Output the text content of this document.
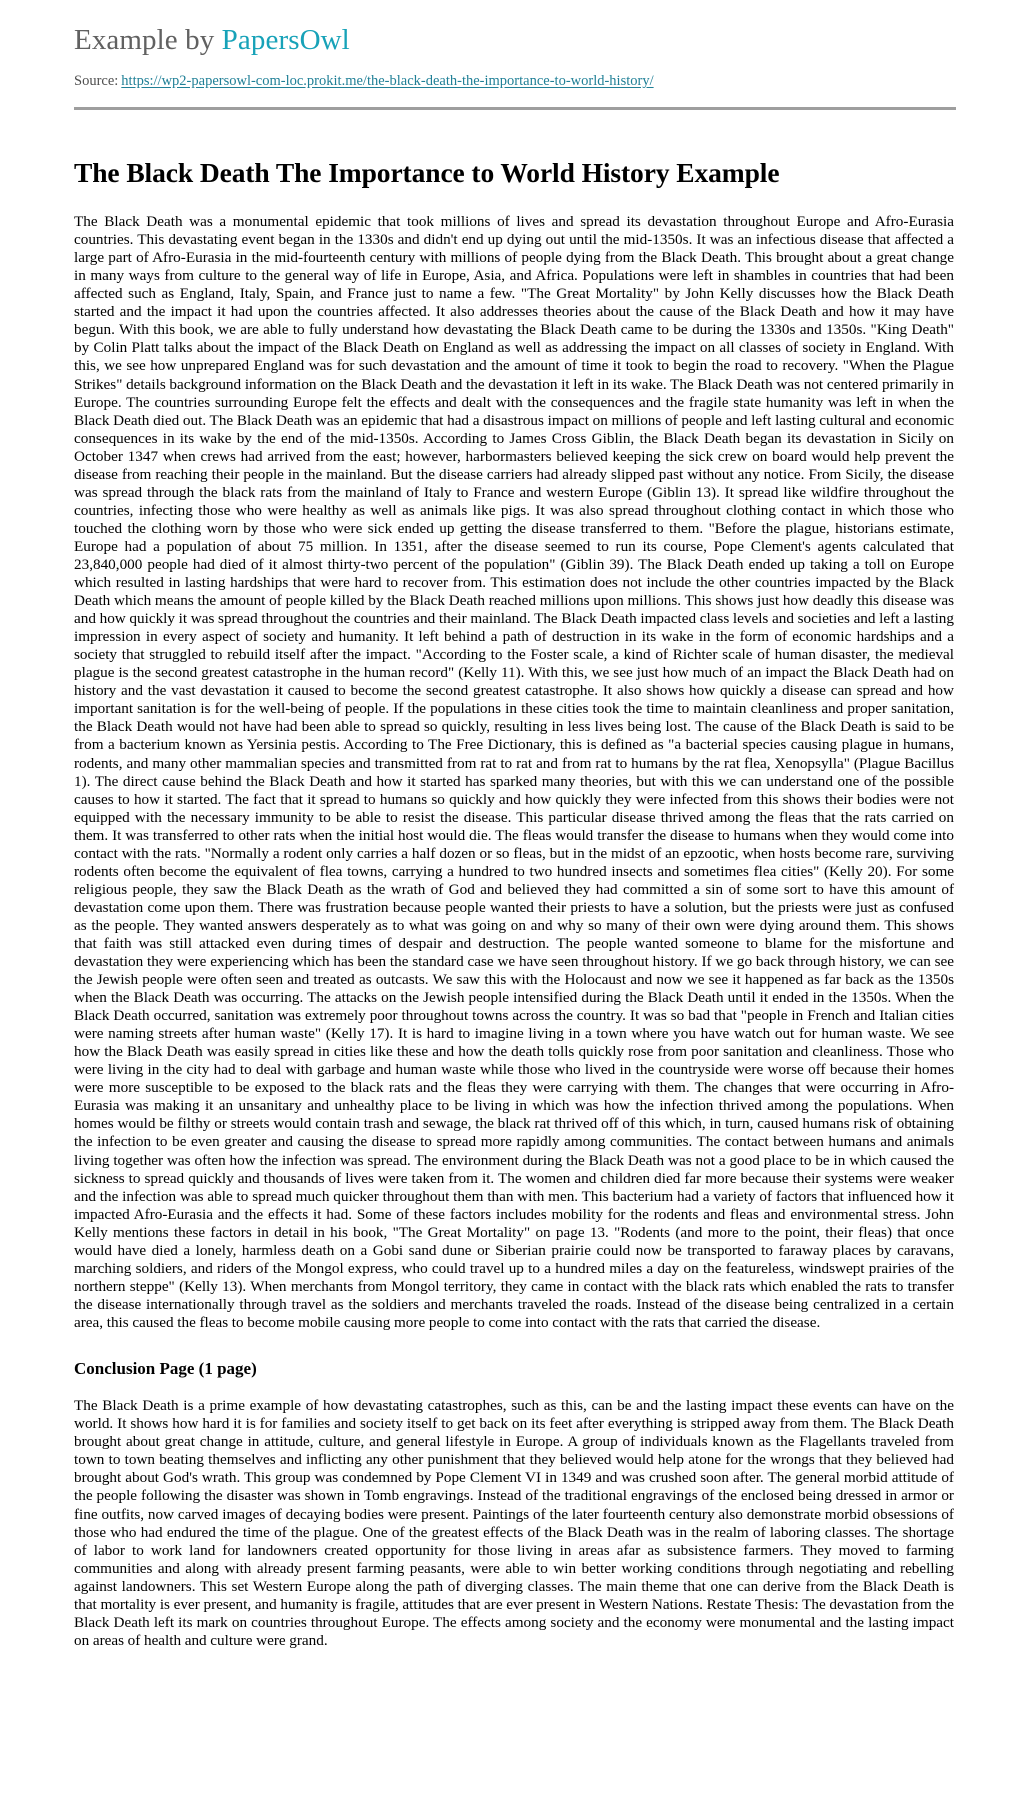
Example by PapersOwl
Source: https://wp2-papersowl-com-loc.prokit.me/the-black-death-the-importance-to-world-history/
The Black Death The Importance to World History Example

The Black Death was a monumental epidemic that took millions of lives and spread its devastation throughout Europe and Afro-Eurasia countries. This devastating event began in the 1330s and didn't end up dying out until the mid-1350s. It was an infectious disease that affected a large part of Afro-Eurasia in the mid-fourteenth century with millions of people dying from the Black Death. This brought about a great change in many ways from culture to the general way of life in Europe, Asia, and Africa. Populations were left in shambles in countries that had been affected such as England, Italy, Spain, and France just to name a few. "The Great Mortality" by John Kelly discusses how the Black Death started and the impact it had upon the countries affected. It also addresses theories about the cause of the Black Death and how it may have begun. With this book, we are able to fully understand how devastating the Black Death came to be during the 1330s and 1350s. "King Death" by Colin Platt talks about the impact of the Black Death on England as well as addressing the impact on all classes of society in England. With this, we see how unprepared England was for such devastation and the amount of time it took to begin the road to recovery. "When the Plague Strikes" details background information on the Black Death and the devastation it left in its wake. The Black Death was not centered primarily in Europe. The countries surrounding Europe felt the effects and dealt with the consequences and the fragile state humanity was left in when the Black Death died out. The Black Death was an epidemic that had a disastrous impact on millions of people and left lasting cultural and economic consequences in its wake by the end of the mid-1350s. According to James Cross Giblin, the Black Death began its devastation in Sicily on October 1347 when crews had arrived from the east; however, harbormasters believed keeping the sick crew on board would help prevent the disease from reaching their people in the mainland. But the disease carriers had already slipped past without any notice. From Sicily, the disease was spread through the black rats from the mainland of Italy to France and western Europe (Giblin 13). It spread like wildfire throughout the countries, infecting those who were healthy as well as animals like pigs. It was also spread throughout clothing contact in which those who touched the clothing worn by those who were sick ended up getting the disease transferred to them. "Before the plague, historians estimate, Europe had a population of about 75 million. In 1351, after the disease seemed to run its course, Pope Clement's agents calculated that 23,840,000 people had died of it almost thirty-two percent of the population" (Giblin 39). The Black Death ended up taking a toll on Europe which resulted in lasting hardships that were hard to recover from. This estimation does not include the other countries impacted by the Black Death which means the amount of people killed by the Black Death reached millions upon millions. This shows just how deadly this disease was and how quickly it was spread throughout the countries and their mainland. The Black Death impacted class levels and societies and left a lasting impression in every aspect of society and humanity. It left behind a path of destruction in its wake in the form of economic hardships and a society that struggled to rebuild itself after the impact. "According to the Foster scale, a kind of Richter scale of human disaster, the medieval plague is the second greatest catastrophe in the human record" (Kelly 11). With this, we see just how much of an impact the Black Death had on history and the vast devastation it caused to become the second greatest catastrophe. It also shows how quickly a disease can spread and how important sanitation is for the well-being of people. If the populations in these cities took the time to maintain cleanliness and proper sanitation, the Black Death would not have had been able to spread so quickly, resulting in less lives being lost. The cause of the Black Death is said to be from a bacterium known as Yersinia pestis. According to The Free Dictionary, this is defined as "a bacterial species causing plague in humans, rodents, and many other mammalian species and transmitted from rat to rat and from rat to humans by the rat flea, Xenopsylla" (Plague Bacillus 1). The direct cause behind the Black Death and how it started has sparked many theories, but with this we can understand one of the possible causes to how it started. The fact that it spread to humans so quickly and how quickly they were infected from this shows their bodies were not equipped with the necessary immunity to be able to resist the disease. This particular disease thrived among the fleas that the rats carried on them. It was transferred to other rats when the initial host would die. The fleas would transfer the disease to humans when they would come into contact with the rats. "Normally a rodent only carries a half dozen or so fleas, but in the midst of an epzootic, when hosts become rare, surviving rodents often become the equivalent of flea towns, carrying a hundred to two hundred insects and sometimes flea cities" (Kelly 20). For some religious people, they saw the Black Death as the wrath of God and believed they had committed a sin of some sort to have this amount of devastation come upon them. There was frustration because people wanted their priests to have a solution, but the priests were just as confused as the people. They wanted answers desperately as to what was going on and why so many of their own were dying around them. This shows that faith was still attacked even during times of despair and destruction. The people wanted someone to blame for the misfortune and devastation they were experiencing which has been the standard case we have seen throughout history. If we go back through history, we can see the Jewish people were often seen and treated as outcasts. We saw this with the Holocaust and now we see it happened as far back as the 1350s when the Black Death was occurring. The attacks on the Jewish people intensified during the Black Death until it ended in the 1350s. When the Black Death occurred, sanitation was extremely poor throughout towns across the country. It was so bad that "people in French and Italian cities were naming streets after human waste" (Kelly 17). It is hard to imagine living in a town where you have watch out for human waste. We see how the Black Death was easily spread in cities like these and how the death tolls quickly rose from poor sanitation and cleanliness. Those who were living in the city had to deal with garbage and human waste while those who lived in the countryside were worse off because their homes were more susceptible to be exposed to the black rats and the fleas they were carrying with them. The changes that were occurring in Afro-Eurasia was making it an unsanitary and unhealthy place to be living in which was how the infection thrived among the populations. When homes would be filthy or streets would contain trash and sewage, the black rat thrived off of this which, in turn, caused humans risk of obtaining the infection to be even greater and causing the disease to spread more rapidly among communities. The contact between humans and animals living together was often how the infection was spread. The environment during the Black Death was not a good place to be in which caused the sickness to spread quickly and thousands of lives were taken from it. The women and children died far more because their systems were weaker and the infection was able to spread much quicker throughout them than with men. This bacterium had a variety of factors that influenced how it impacted Afro-Eurasia and the effects it had. Some of these factors includes mobility for the rodents and fleas and environmental stress. John Kelly mentions these factors in detail in his book, "The Great Mortality" on page 13. "Rodents (and more to the point, their fleas) that once would have died a lonely, harmless death on a Gobi sand dune or Siberian prairie could now be transported to faraway places by caravans, marching soldiers, and riders of the Mongol express, who could travel up to a hundred miles a day on the featureless, windswept prairies of the northern steppe" (Kelly 13). When merchants from Mongol territory, they came in contact with the black rats which enabled the rats to transfer the disease internationally through travel as the soldiers and merchants traveled the roads. Instead of the disease being centralized in a certain area, this caused the fleas to become mobile causing more people to come into contact with the rats that carried the disease.

Conclusion Page (1 page)

The Black Death is a prime example of how devastating catastrophes, such as this, can be and the lasting impact these events can have on the world. It shows how hard it is for families and society itself to get back on its feet after everything is stripped away from them. The Black Death brought about great change in attitude, culture, and general lifestyle in Europe. A group of individuals known as the Flagellants traveled from town to town beating themselves and inflicting any other punishment that they believed would help atone for the wrongs that they believed had brought about God's wrath. This group was condemned by Pope Clement VI in 1349 and was crushed soon after. The general morbid attitude of the people following the disaster was shown in Tomb engravings. Instead of the traditional engravings of the enclosed being dressed in armor or fine outfits, now carved images of decaying bodies were present. Paintings of the later fourteenth century also demonstrate morbid obsessions of those who had endured the time of the plague. One of the greatest effects of the Black Death was in the realm of laboring classes. The shortage of labor to work land for landowners created opportunity for those living in areas afar as subsistence farmers. They moved to farming communities and along with already present farming peasants, were able to win better working conditions through negotiating and rebelling against landowners. This set Western Europe along the path of diverging classes. The main theme that one can derive from the Black Death is that mortality is ever present, and humanity is fragile, attitudes that are ever present in Western Nations. Restate Thesis: The devastation from the Black Death left its mark on countries throughout Europe. The effects among society and the economy were monumental and the lasting impact on areas of health and culture were grand.
